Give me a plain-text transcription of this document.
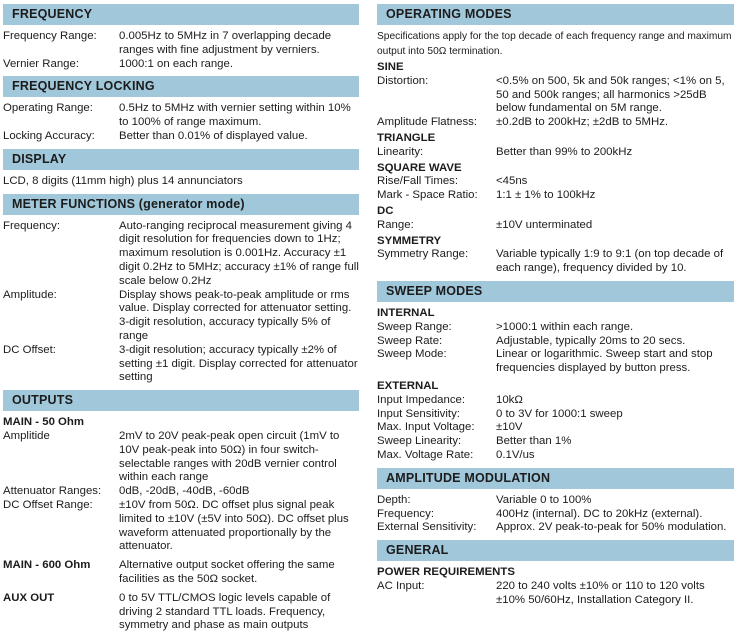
FREQUENCY
Frequency Range:	0.005Hz to 5MHz in 7 overlapping decade ranges with fine adjustment by verniers.
Vernier Range:	1000:1 on each range.
FREQUENCY LOCKING
Operating Range:	0.5Hz to 5MHz with vernier setting within 10% to 100% of range maximum.
Locking Accuracy:	Better than 0.01% of displayed value.
DISPLAY
LCD, 8 digits (11mm high) plus 14 annunciators
METER FUNCTIONS (generator mode)
Frequency:	Auto-ranging reciprocal measurement giving 4 digit resolution for frequencies down to 1Hz; maximum resolution is 0.001Hz. Accuracy ±1 digit 0.2Hz to 5MHz; accuracy ±1% of range full scale below 0.2Hz
Amplitude:	Display shows peak-to-peak amplitude or rms value. Display corrected for attenuator setting. 3-digit resolution, accuracy typically 5% of range
DC Offset:	3-digit resolution; accuracy typically ±2% of setting ±1 digit. Display corrected for attenuator setting
OUTPUTS
MAIN - 50 Ohm
Amplitide	2mV to 20V peak-peak open circuit (1mV to 10V peak-peak into 50Ω) in four switch-selectable ranges with 20dB vernier control within each range
Attenuator Ranges:	0dB, -20dB, -40dB, -60dB
DC Offset Range:	±10V from 50Ω. DC offset plus signal peak limited to ±10V (±5V into 50Ω). DC offset plus waveform attenuated proportionally by the attenuator.
MAIN - 600 Ohm	Alternative output socket offering the same facilities as the 50Ω socket.
AUX OUT	0 to 5V TTL/CMOS logic levels capable of driving 2 standard TTL loads. Frequency, symmetry and phase as main outputs
OPERATING MODES
Specifications apply for the top decade of each frequency range and maximum output into 50Ω termination.
SINE
Distortion:	<0.5% on 500, 5k and 50k ranges; <1% on 5, 50 and 500k ranges; all harmonics >25dB below fundamental on 5M range.
Amplitude Flatness:	±0.2dB to 200kHz; ±2dB to 5MHz.
TRIANGLE
Linearity:	Better than 99% to 200kHz
SQUARE WAVE
Rise/Fall Times:	<45ns
Mark - Space Ratio:	1:1 ± 1% to 100kHz
DC
Range:	±10V unterminated
SYMMETRY
Symmetry Range:	Variable typically 1:9 to 9:1 (on top decade of each range), frequency divided by 10.
SWEEP MODES
INTERNAL
Sweep Range:	>1000:1 within each range.
Sweep Rate:	Adjustable, typically 20ms to 20 secs.
Sweep Mode:	Linear or logarithmic. Sweep start and stop frequencies displayed by button press.
EXTERNAL
Input Impedance:	10kΩ
Input Sensitivity:	0 to 3V for 1000:1 sweep
Max. Input Voltage:	±10V
Sweep Linearity:	Better than 1%
Max. Voltage Rate:	0.1V/us
AMPLITUDE MODULATION
Depth:	Variable 0 to 100%
Frequency:	400Hz (internal). DC to 20kHz (external).
External Sensitivity:	Approx. 2V peak-to-peak for 50% modulation.
GENERAL
POWER REQUIREMENTS
AC Input:	220 to 240 volts ±10% or 110 to 120 volts ±10% 50/60Hz, Installation Category II.
